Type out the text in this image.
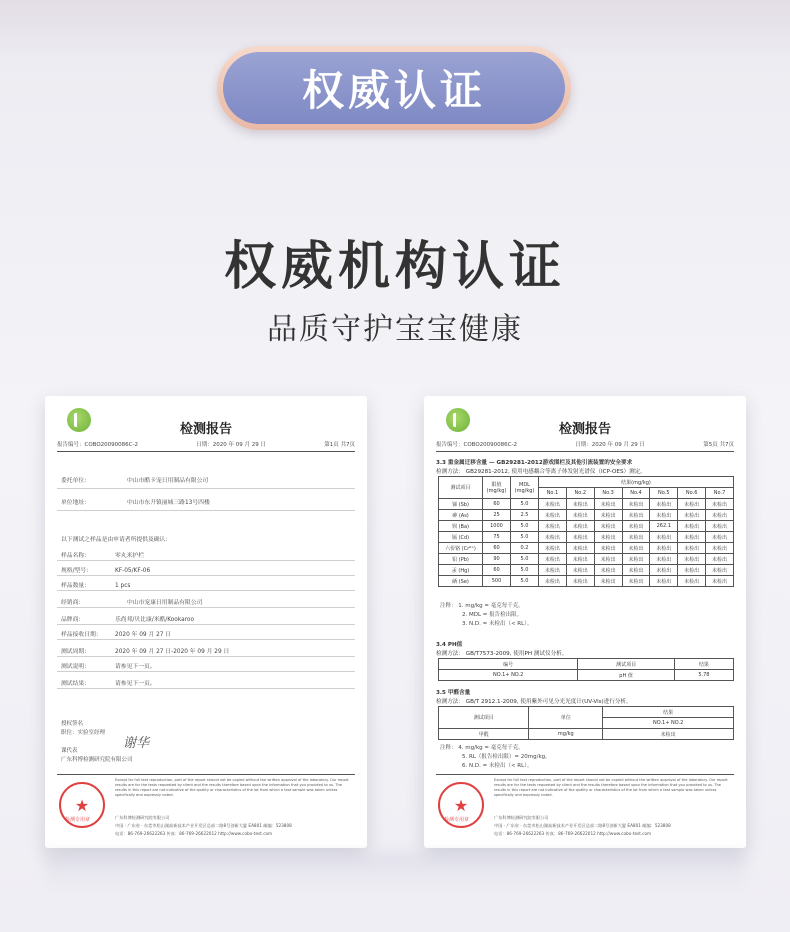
权威认证
权威机构认证
品质守护宝宝健康
检测报告
报告编号：COBO20090086C-2	日期：2020 年 09 月 29 日	第1页 共7页
委托单位：	中山市酷卡宠日用制品有限公司
单位地址：	中山市东升镇丽城三路13号四楼
以下测试之样品是由申请者所提供及确认：
样品名称：	零丸米护栏
规格/型号：	KF-05/KF-06
样品数量：	1 pcs
经销商：	中山市宠康日用制品有限公司
品牌商：	乐尚邦/贝比康/米酷/Kookaroo
样品接收日期： 2020 年 09 月 27 日
测试周期：	2020 年 09 月 27 日-2020 年 09 月 29 日
测试说明：	请参见下一页。
测试结果：	请参见下一页。
授权签名
职位：实验室经理
课代表
广东科博检测研究院有限公司
谢华
★
检测专用章
Except for full text reproduction, part of the report should not be copied without the written approval of the laboratory. Our report results are for the tests requested by client and the results therefore based upon the information that you provided to us. The results in this report are not indicative of the quality or characteristics of the lot from which a test sample was taken unless specifically and expressly noted.
广东科博检测研究院有限公司
中国 · 广东省 · 东莞市松山湖高新技术产业开发区总部二路8号创新大厦 EA801 邮编：523808
电话：86-769-26622263 传真：86-769-26622012 http://www.cobo-test.com
检测报告
报告编号：COBO20090086C-2	日期：2020 年 09 月 29 日	第5页 共7页
3.3 重金属迁移含量 — GB29281-2012游戏围栏及其他引流装置的安全要求
检测方法： GB29281-2012, 使用电感耦合等离子体发射光谱仪（ICP-OES）测定。
测试项目	限值 (mg/kg)	MDL (mg/kg)	结果(mg/kg)						
			No.1	No.2	No.3	No.4	No.5	No.6	No.7
锑 (Sb)	60	5.0	未检出	未检出	未检出	未检出	未检出	未检出	未检出
砷 (As)	25	2.5	未检出	未检出	未检出	未检出	未检出	未检出	未检出
钡 (Ba)	1000	5.0	未检出	未检出	未检出	未检出	262.1	未检出	未检出
镉 (Cd)	75	5.0	未检出	未检出	未检出	未检出	未检出	未检出	未检出
六价铬 (Cr⁶⁺)	60	0.2	未检出	未检出	未检出	未检出	未检出	未检出	未检出
铅 (Pb)	90	5.0	未检出	未检出	未检出	未检出	未检出	未检出	未检出
汞 (Hg)	60	5.0	未检出	未检出	未检出	未检出	未检出	未检出	未检出
硒 (Se)	500	5.0	未检出	未检出	未检出	未检出	未检出	未检出	未检出
注释： 1. mg/kg = 毫克每千克。
2. MDL = 报告检出限。
3. N.D. = 未检出（< RL）。
3.4 PH值
检测方法： GB/T7573-2009, 使用PH 测试仪分析。
编号	测试项目	结果
NO.1+ NO.2	pH 值	5.78
3.5 甲醛含量
检测方法： GB/T 2912.1-2009, 使用紫外可见分光光度计(UV-Vis)进行分析。
测试项目	单位	结果
		NO.1+ NO.2
甲醛	mg/kg	未检出
注释： 4. mg/kg = 毫克每千克。
5. RL（报告检出限）= 20mg/kg。
6. N.D. = 未检出（< RL）。
★
检测专用章
Except for full text reproduction, part of the report should not be copied without the written approval of the laboratory. Our report results are for the tests requested by client and the results therefore based upon the information that you provided to us. The results in this report are not indicative of the quality or characteristics of the lot from which a test sample was taken unless specifically and expressly noted.
广东科博检测研究院有限公司
中国 · 广东省 · 东莞市松山湖高新技术产业开发区总部二路8号创新大厦 EA801 邮编：523808
电话：86-769-26622263 传真：86-769-26622012 http://www.cobo-test.com
